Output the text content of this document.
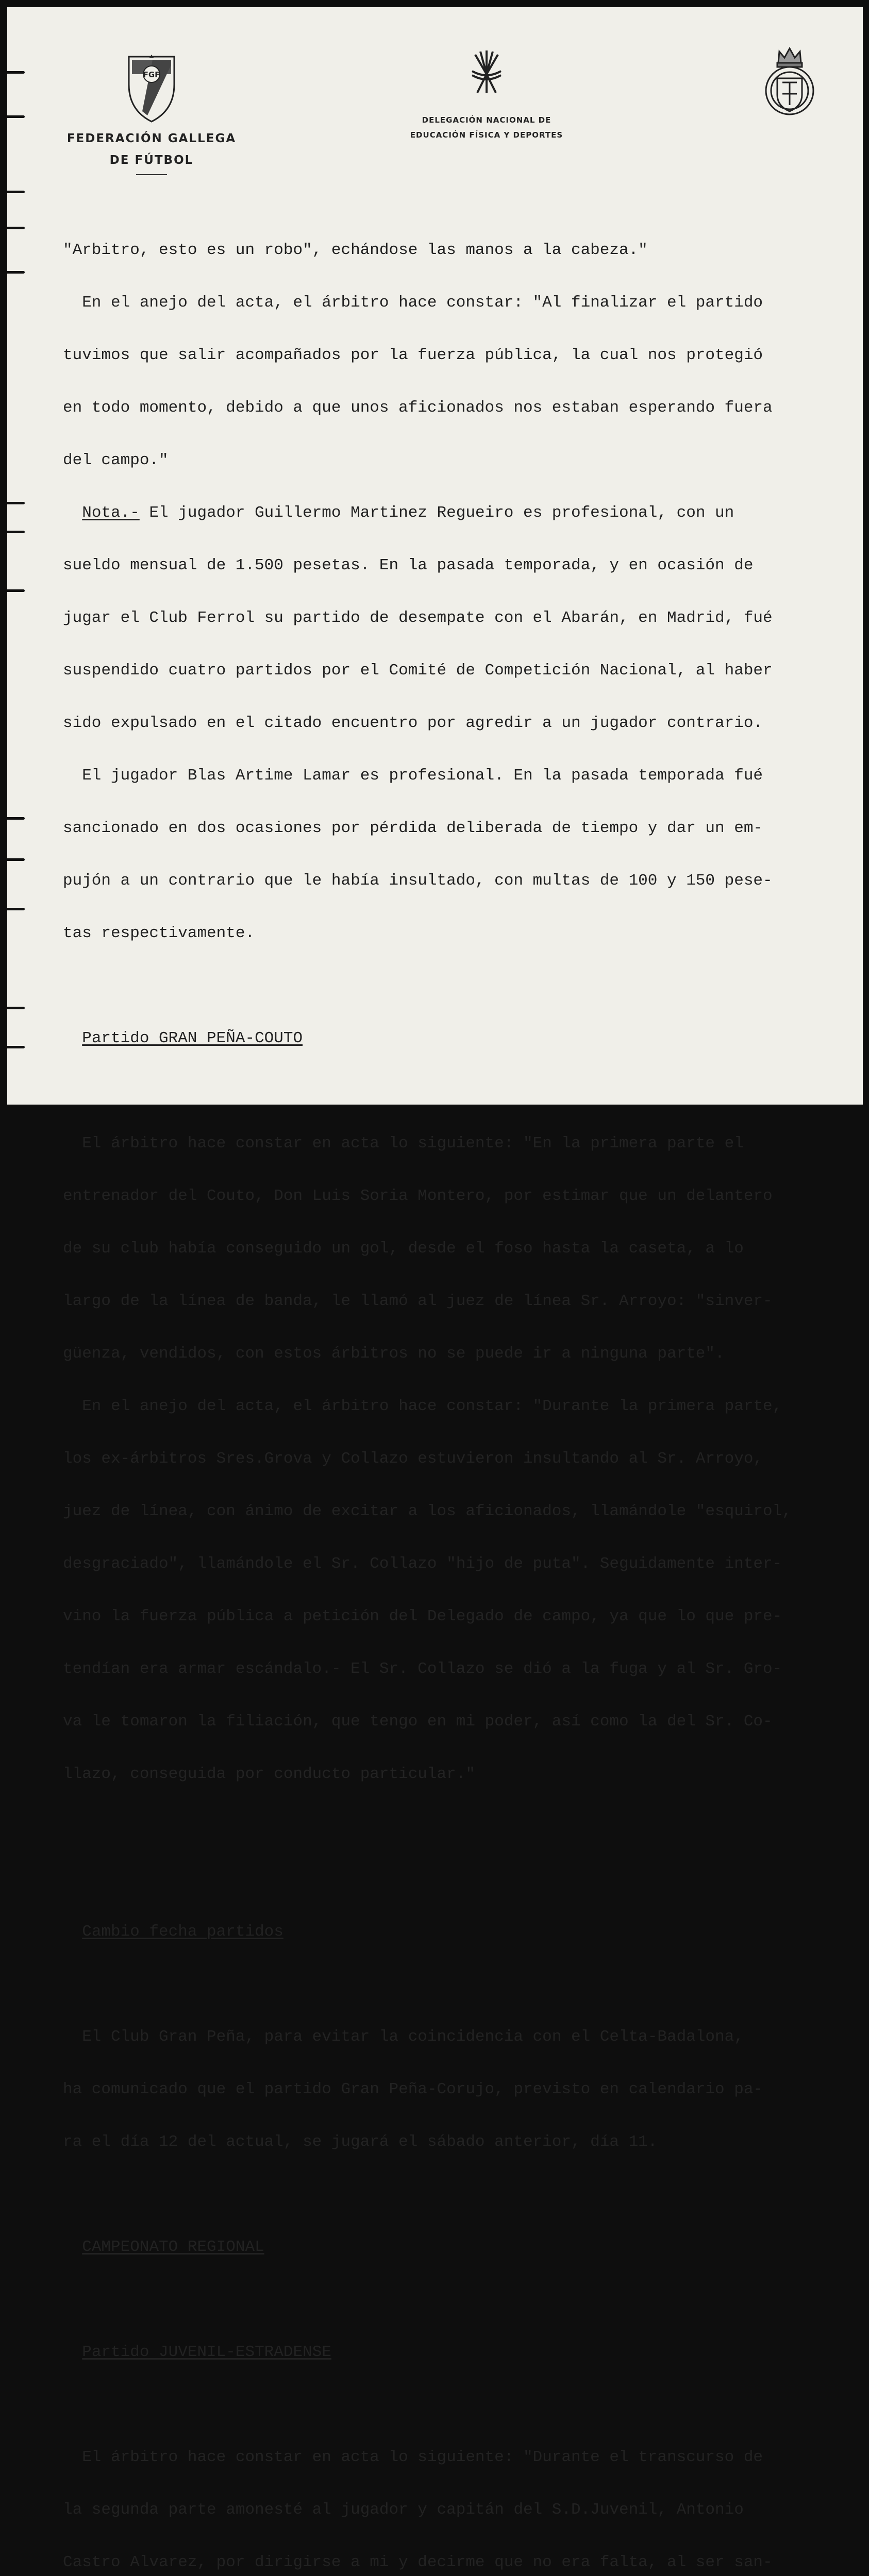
FGF
FEDERACIÓN GALLEGA
DE FÚTBOL
DELEGACIÓN NACIONAL DE
EDUCACIÓN FÍSICA Y DEPORTES

"Arbitro, esto es un robo", echándose las manos a la cabeza."

En el anejo del acta, el árbitro hace constar: "Al finalizar el partido

tuvimos que salir acompañados por la fuerza pública, la cual nos protegió

en todo momento, debido a que unos aficionados nos estaban esperando fuera

del campo."

Nota.- El jugador Guillermo Martinez Regueiro es profesional, con un

sueldo mensual de 1.500 pesetas. En la pasada temporada, y en ocasión de

jugar el Club Ferrol su partido de desempate con el Abarán, en Madrid, fué

suspendido cuatro partidos por el Comité de Competición Nacional, al haber

sido expulsado en el citado encuentro por agredir a un jugador contrario.

El jugador Blas Artime Lamar es profesional. En la pasada temporada fué

sancionado en dos ocasiones por pérdida deliberada de tiempo y dar un em-

pujón a un contrario que le había insultado, con multas de 100 y 150 pese-

tas respectivamente.

Partido GRAN PEÑA-COUTO

El árbitro hace constar en acta lo siguiente: "En la primera parte el

entrenador del Couto, Don Luis Soria Montero, por estimar que un delantero

de su club había conseguido un gol, desde el foso hasta la caseta, a lo

largo de la línea de banda, le llamó al juez de línea Sr. Arroyo: "sinver-

güenza, vendidos, con estos árbitros no se puede ir a ninguna parte".

En el anejo del acta, el árbitro hace constar: "Durante la primera parte,

los ex-árbitros Sres.Grova y Collazo estuvieron insultando al Sr. Arroyo,

juez de línea, con ánimo de excitar a los aficionados, llamándole "esquirol,

desgraciado", llamándole el Sr. Collazo "hijo de puta". Seguidamente inter-

vino la fuerza pública a petición del Delegado de campo, ya que lo que pre-

tendían era armar escándalo.- El Sr. Collazo se dió a la fuga y al Sr. Gro-

va le tomaron la filiación, que tengo en mi poder, así como la del Sr. Co-

llazo, conseguida por conducto particular."

Cambio fecha partidos

El Club Gran Peña, para evitar la coincidencia con el Celta-Badalona,

ha comunicado que el partido Gran Peña-Corujo, previsto en calendario pa-

ra el día 12 del actual, se jugará el sábado anterior, día 11.

CAMPEONATO REGIONAL

Partido JUVENIL-ESTRADENSE

El árbitro hace constar en acta lo siguiente: "Durante el transcurso de

la segunda parte amonesté al jugador y capitán del S.D.Juvenil, Antonio

Castro Alvarez, por dirigirse a mi y decirme que no era falta, al ser san-
